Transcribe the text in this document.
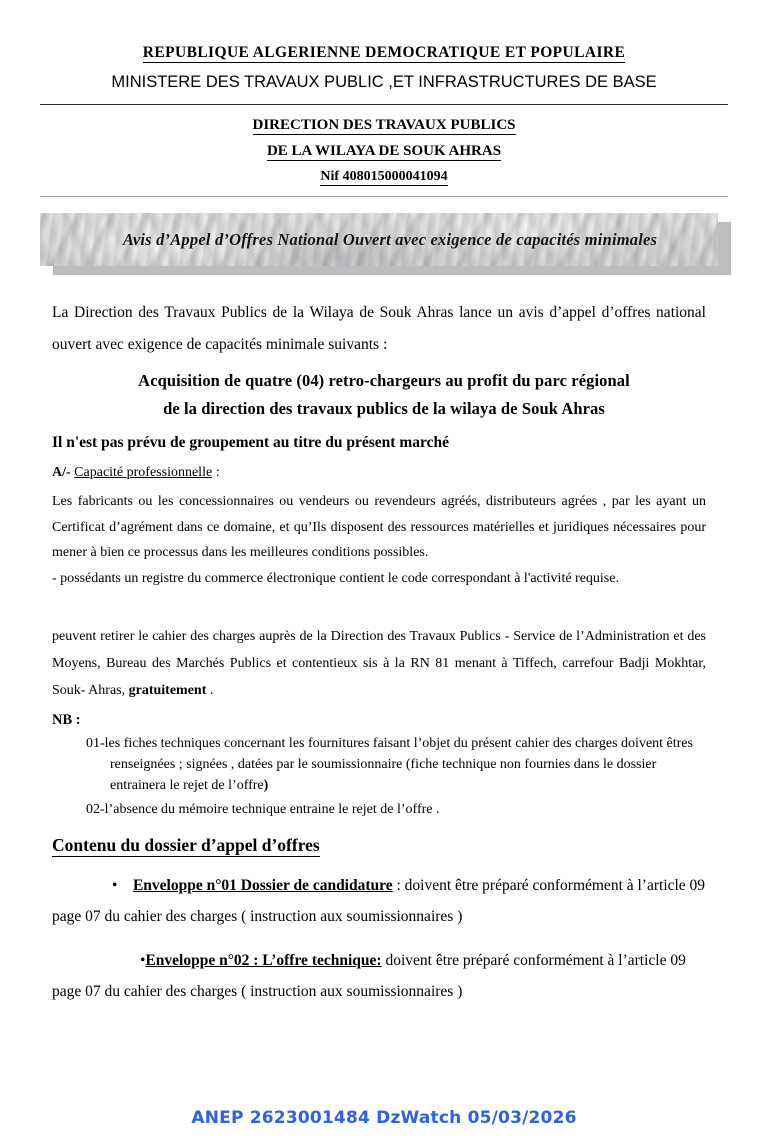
REPUBLIQUE ALGERIENNE DEMOCRATIQUE ET POPULAIRE
MINISTERE DES TRAVAUX PUBLIC ,ET INFRASTRUCTURES DE BASE
DIRECTION DES TRAVAUX PUBLICS
DE LA WILAYA DE SOUK AHRAS
Nif 408015000041094
Avis d’Appel d’Offres National Ouvert avec exigence de capacités minimales

La Direction des Travaux Publics de la Wilaya de Souk Ahras lance un avis d’appel d’offres national ouvert avec exigence de capacités minimale suivants :

Acquisition de quatre (04) retro-chargeurs au profit du parc régional
de la direction des travaux publics de la wilaya de Souk Ahras

Il n'est pas prévu de groupement au titre du présent marché

A/- Capacité professionnelle :

Les fabricants ou les concessionnaires ou vendeurs ou revendeurs agréés, distributeurs agrées , par les ayant un Certificat d’agrément dans ce domaine, et qu’Ils disposent des ressources matérielles et juridiques nécessaires pour mener à bien ce processus dans les meilleures conditions possibles.

- possédants un registre du commerce électronique contient le code correspondant à l'activité requise.

peuvent retirer le cahier des charges auprès de la Direction des Travaux Publics - Service de l’Administration et des Moyens, Bureau des Marchés Publics et contentieux sis à la RN 81 menant à Tiffech, carrefour Badji Mokhtar, Souk- Ahras, gratuitement .

NB :

01-les fiches techniques concernant les fournitures faisant l’objet du présent cahier des charges doivent êtres renseignées ; signées , datées par le soumissionnaire (fiche technique non fournies dans le dossier entrainera le rejet de l’offre)
02-l’absence du mémoire technique entraine le rejet de l’offre .
Contenu du dossier d’appel d’offres

• Enveloppe n°01 Dossier de candidature : doivent être préparé conformément à l’article 09 page 07 du cahier des charges ( instruction aux soumissionnaires )

•Enveloppe n°02 : L’offre technique: doivent être préparé conformément à l’article 09 page 07 du cahier des charges ( instruction aux soumissionnaires )

ANEP 2623001484 DzWatch 05/03/2026
